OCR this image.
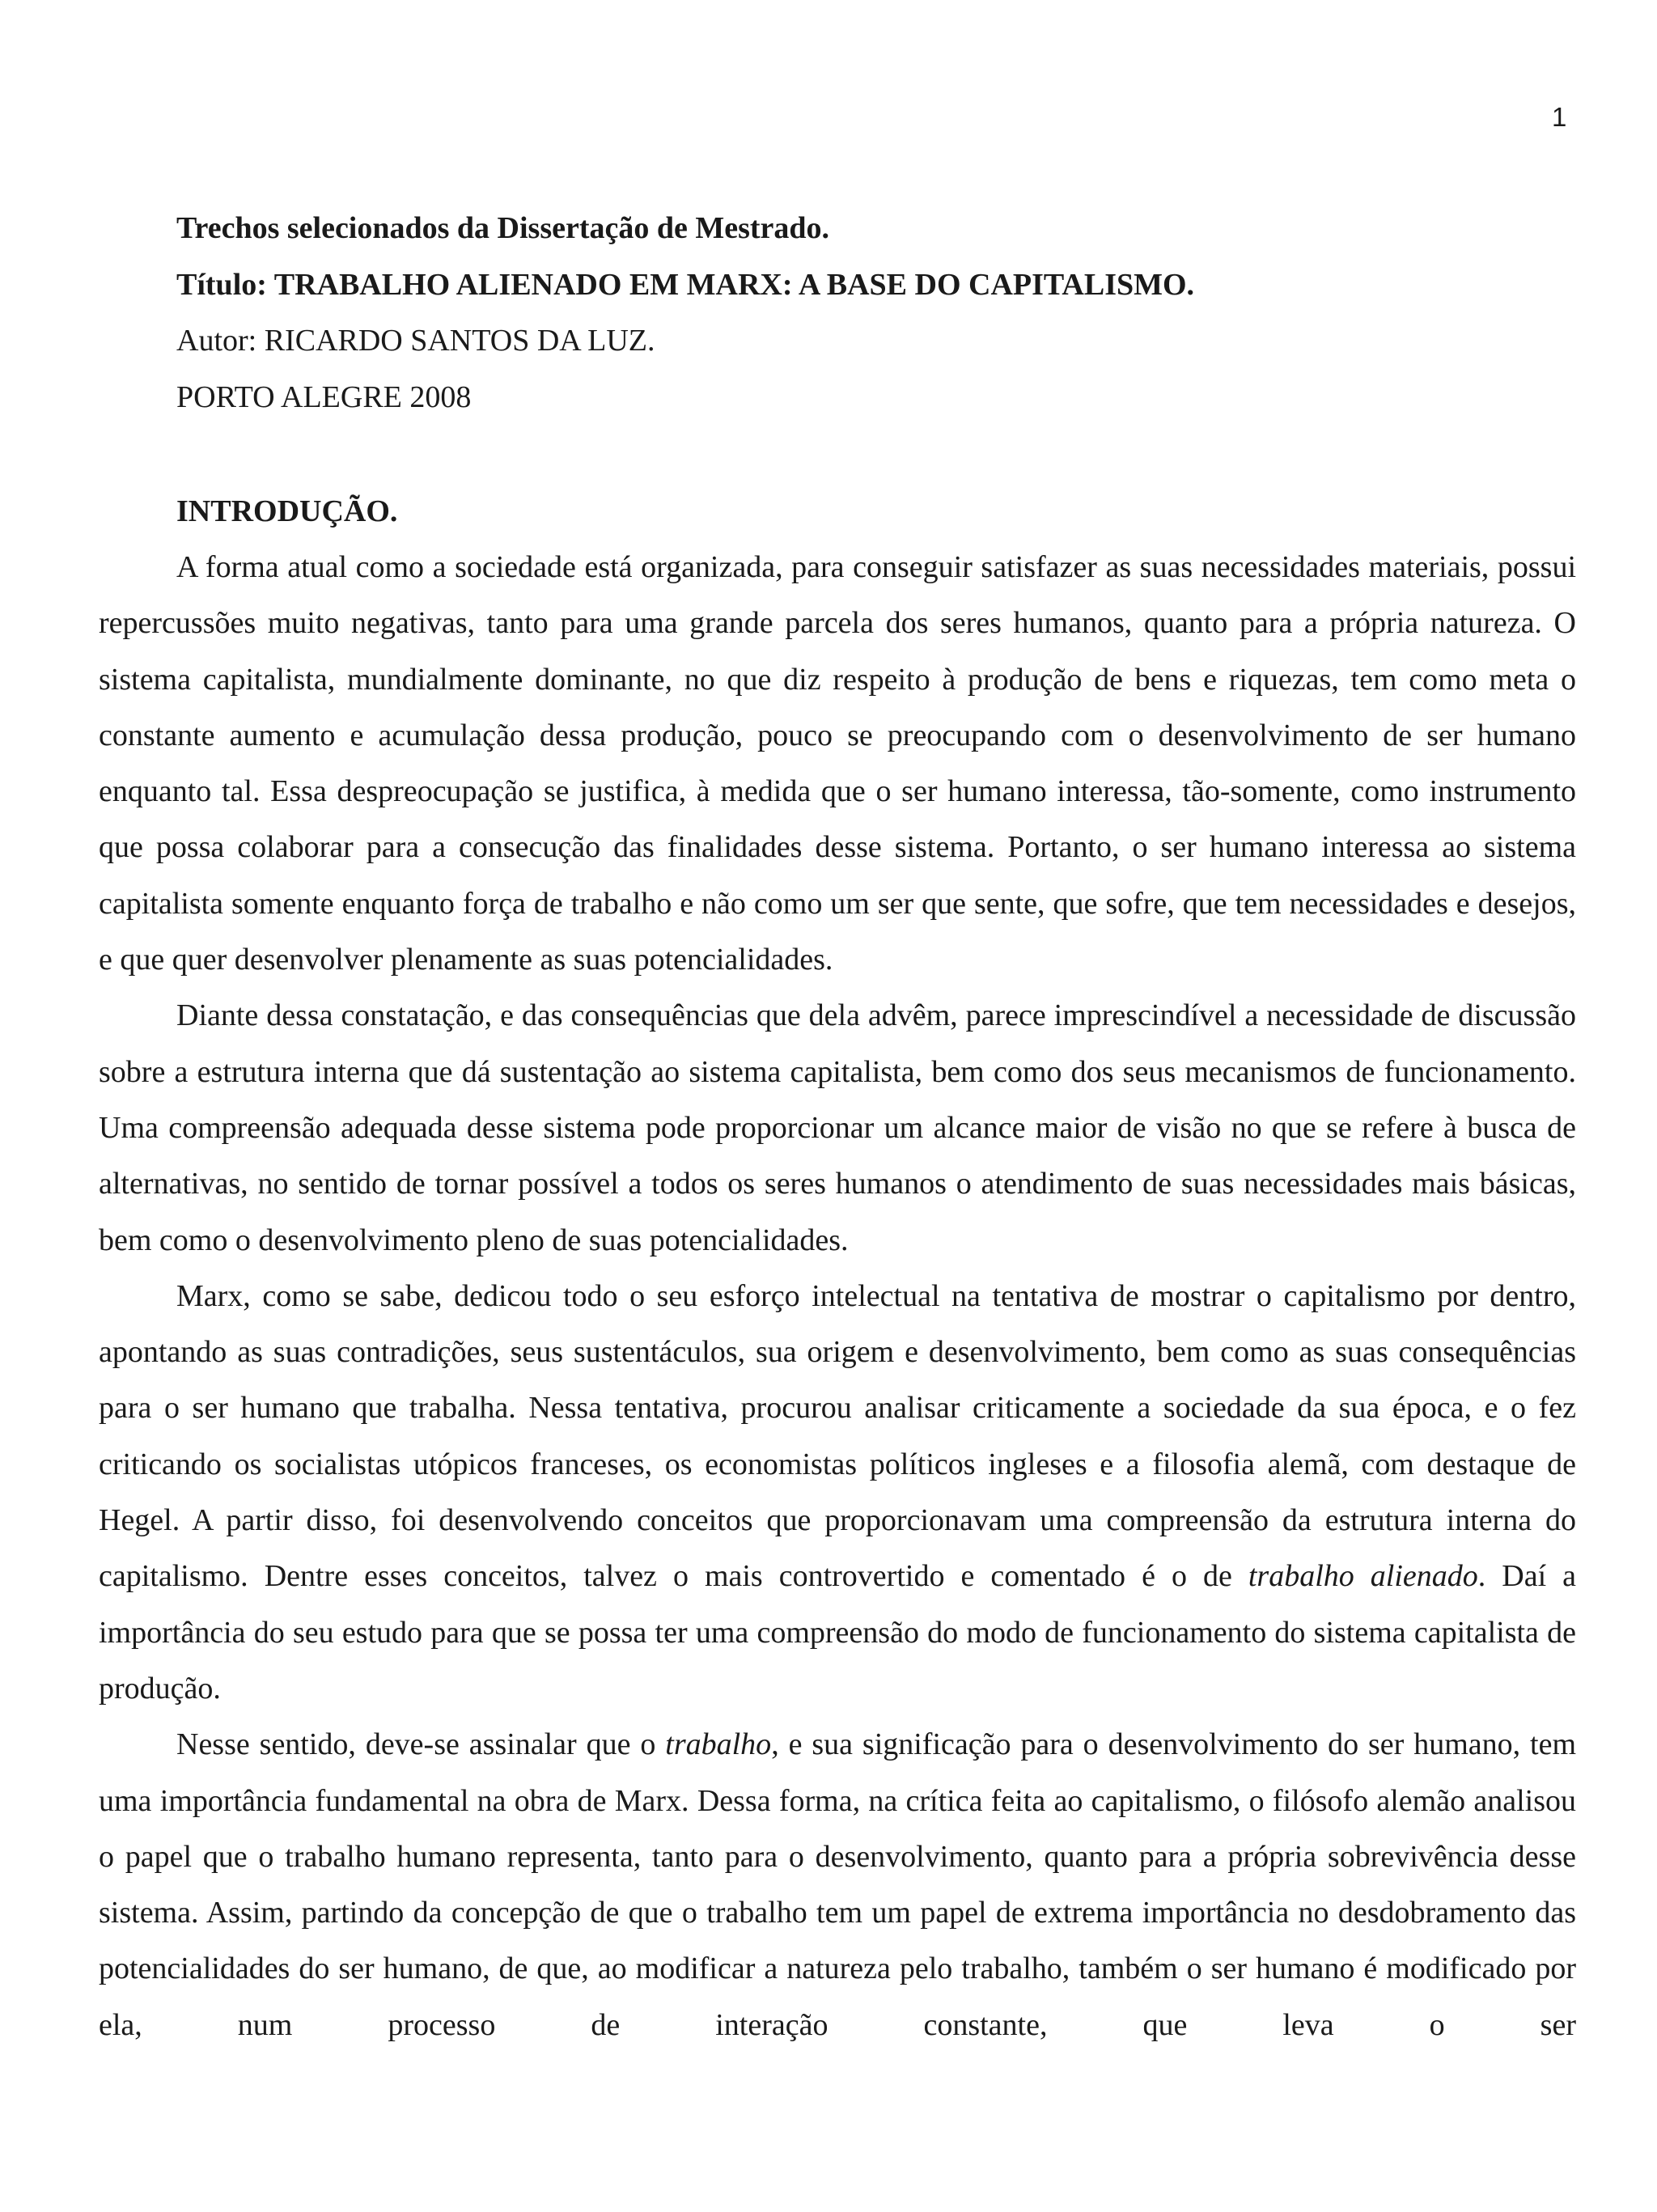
1
Trechos selecionados da Dissertação de Mestrado.
Título: TRABALHO ALIENADO EM MARX: A BASE DO CAPITALISMO.
Autor: RICARDO SANTOS DA LUZ.
PORTO ALEGRE 2008
INTRODUÇÃO.

A forma atual como a sociedade está organizada, para conseguir satisfazer as suas necessidades materiais, possui repercussões muito negativas, tanto para uma grande parcela dos seres humanos, quanto para a própria natureza. O sistema capitalista, mundialmente dominante, no que diz respeito à produção de bens e riquezas, tem como meta o constante aumento e acumulação dessa produção, pouco se preocupando com o desenvolvimento de ser humano enquanto tal. Essa despreocupação se justifica, à medida que o ser humano interessa, tão-somente, como instrumento que possa colaborar para a consecução das finalidades desse sistema. Portanto, o ser humano interessa ao sistema capitalista somente enquanto força de trabalho e não como um ser que sente, que sofre, que tem necessidades e desejos, e que quer desenvolver plenamente as suas potencialidades.

Diante dessa constatação, e das consequências que dela advêm, parece imprescindível a necessidade de discussão sobre a estrutura interna que dá sustentação ao sistema capitalista, bem como dos seus mecanismos de funcionamento. Uma compreensão adequada desse sistema pode proporcionar um alcance maior de visão no que se refere à busca de alternativas, no sentido de tornar possível a todos os seres humanos o atendimento de suas necessidades mais básicas, bem como o desenvolvimento pleno de suas potencialidades.

Marx, como se sabe, dedicou todo o seu esforço intelectual na tentativa de mostrar o capitalismo por dentro, apontando as suas contradições, seus sustentáculos, sua origem e desenvolvimento, bem como as suas consequências para o ser humano que trabalha. Nessa tentativa, procurou analisar criticamente a sociedade da sua época, e o fez criticando os socialistas utópicos franceses, os economistas políticos ingleses e a filosofia alemã, com destaque de Hegel. A partir disso, foi desenvolvendo conceitos que proporcionavam uma compreensão da estrutura interna do capitalismo. Dentre esses conceitos, talvez o mais controvertido e comentado é o de trabalho alienado. Daí a importância do seu estudo para que se possa ter uma compreensão do modo de funcionamento do sistema capitalista de produção.

Nesse sentido, deve-se assinalar que o trabalho, e sua significação para o desenvolvimento do ser humano, tem uma importância fundamental na obra de Marx. Dessa forma, na crítica feita ao capitalismo, o filósofo alemão analisou o papel que o trabalho humano representa, tanto para o desenvolvimento, quanto para a própria sobrevivência desse sistema. Assim, partindo da concepção de que o trabalho tem um papel de extrema importância no desdobramento das potencialidades do ser humano, de que, ao modificar a natureza pelo trabalho, também o ser humano é modificado por ela, num processo de interação constante, que leva o ser
